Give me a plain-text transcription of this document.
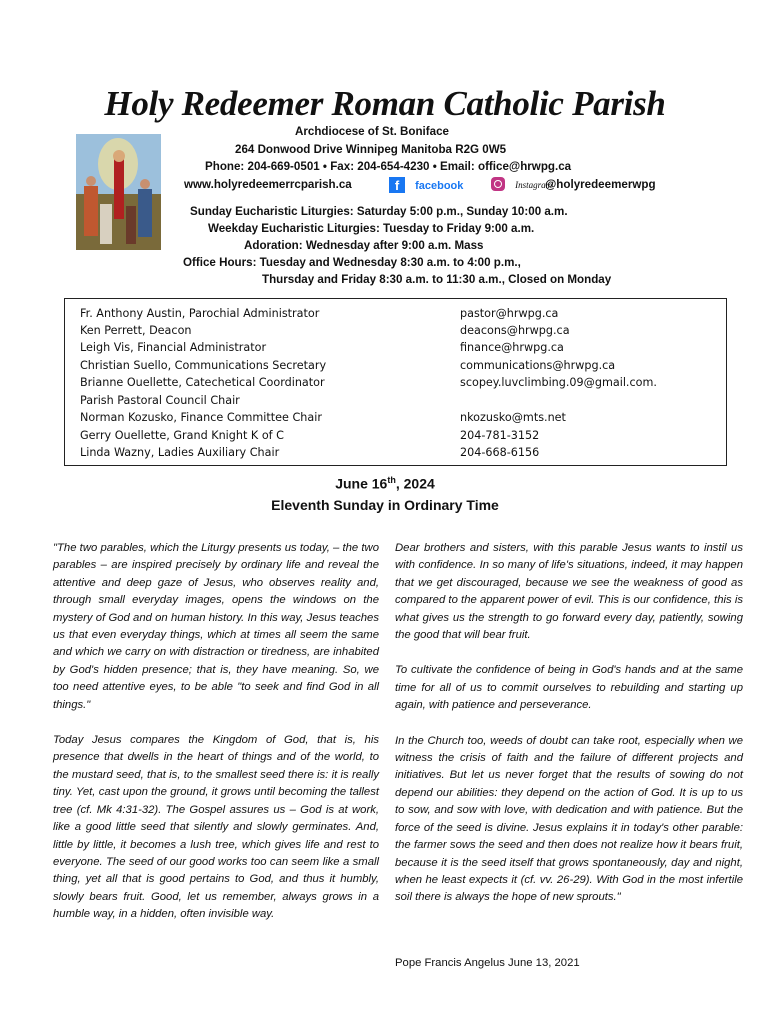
Holy Redeemer Roman Catholic Parish
Archdiocese of St. Boniface
264 Donwood Drive Winnipeg Manitoba R2G 0W5
Phone: 204-669-0501 • Fax: 204-654-4230 • Email: office@hrwpg.ca
www.holyredeemerrcparish.ca	f facebook	Instagram
@holyredeemerwpg
Sunday Eucharistic Liturgies: Saturday 5:00 p.m., Sunday 10:00 a.m.
Weekday Eucharistic Liturgies: Tuesday to Friday 9:00 a.m.
Adoration: Wednesday after 9:00 a.m. Mass
Office Hours: Tuesday and Wednesday 8:30 a.m. to 4:00 p.m.,
Thursday and Friday 8:30 a.m. to 11:30 a.m., Closed on Monday
Fr. Anthony Austin, Parochial Administrator	pastor@hrwpg.ca
Ken Perrett, Deacon	deacons@hrwpg.ca
Leigh Vis, Financial Administrator	finance@hrwpg.ca
Christian Suello, Communications Secretary	communications@hrwpg.ca
Brianne Ouellette, Catechetical Coordinator	scopey.luvclimbing.09@gmail.com.
Parish Pastoral Council Chair
Norman Kozusko, Finance Committee Chair	nkozusko@mts.net
Gerry Ouellette, Grand Knight K of C	204-781-3152
Linda Wazny, Ladies Auxiliary Chair	204-668-6156
June 16th, 2024
Eleventh Sunday in Ordinary Time

"The two parables, which the Liturgy presents us today, – the two parables – are inspired precisely by ordinary life and reveal the attentive and deep gaze of Jesus, who observes reality and, through small everyday images, opens the windows on the mystery of God and on human history. In this way, Jesus teaches us that even everyday things, which at times all seem the same and which we carry on with distraction or tiredness, are inhabited by God's hidden presence; that is, they have meaning. So, we too need attentive eyes, to be able "to seek and find God in all things."

Today Jesus compares the Kingdom of God, that is, his presence that dwells in the heart of things and of the world, to the mustard seed, that is, to the smallest seed there is: it is really tiny. Yet, cast upon the ground, it grows until becoming the tallest tree (cf. Mk 4:31-32). The Gospel assures us – God is at work, like a good little seed that silently and slowly germinates. And, little by little, it becomes a lush tree, which gives life and rest to everyone. The seed of our good works too can seem like a small thing, yet all that is good pertains to God, and thus it humbly, slowly bears fruit. Good, let us remember, always grows in a humble way, in a hidden, often invisible way.

Dear brothers and sisters, with this parable Jesus wants to instil us with confidence. In so many of life's situations, indeed, it may happen that we get discouraged, because we see the weakness of good as compared to the apparent power of evil. This is our confidence, this is what gives us the strength to go forward every day, patiently, sowing the good that will bear fruit.

To cultivate the confidence of being in God's hands and at the same time for all of us to commit ourselves to rebuilding and starting up again, with patience and perseverance.

In the Church too, weeds of doubt can take root, especially when we witness the crisis of faith and the failure of different projects and initiatives. But let us never forget that the results of sowing do not depend our abilities: they depend on the action of God. It is up to us to sow, and sow with love, with dedication and with patience. But the force of the seed is divine. Jesus explains it in today's other parable: the farmer sows the seed and then does not realize how it bears fruit, because it is the seed itself that grows spontaneously, day and night, when he least expects it (cf. vv. 26-29). With God in the most infertile soil there is always the hope of new sprouts."

Pope Francis Angelus June 13, 2021
